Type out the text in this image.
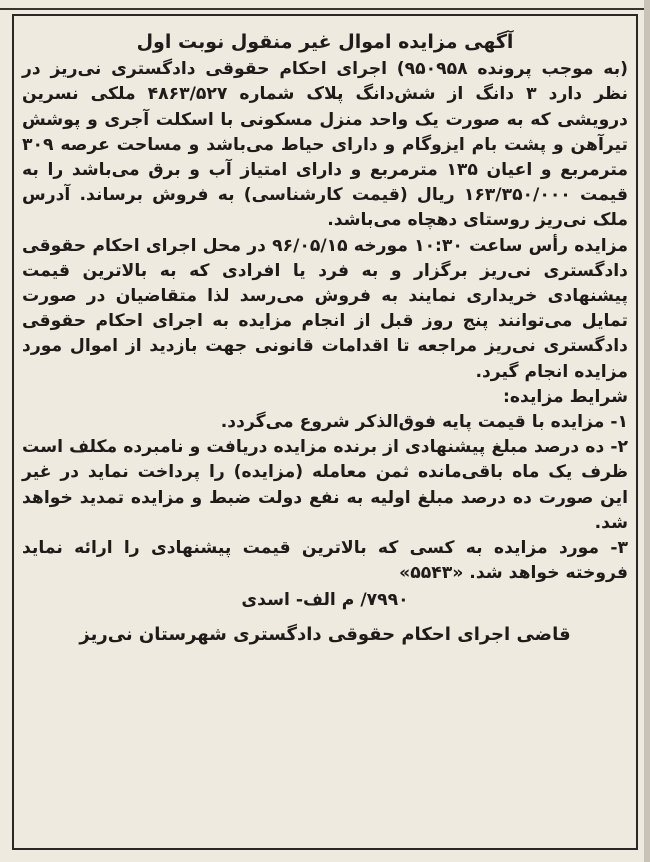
آگهی مزایده اموال غیر منقول نوبت اول

(به موجب پرونده ۹۵۰۹۵۸) اجرای احکام حقوقی دادگستری نی‌ریز در نظر دارد ۳ دانگ از شش‌دانگ پلاک شماره ۴۸۶۳/۵۲۷ ملکی نسرین درویشی که به صورت یک واحد منزل مسکونی با اسکلت آجری و پوشش تیرآهن و پشت بام ایزوگام و دارای حیاط می‌باشد و مساحت عرصه ۳۰۹ مترمربع و اعیان ۱۳۵ مترمربع و دارای امتیاز آب و برق می‌باشد را به قیمت ۱۶۳/۳۵۰/۰۰۰ ریال (قیمت کارشناسی) به فروش برساند. آدرس ملک نی‌ریز روستای دهچاه می‌باشد.

مزایده رأس ساعت ۱۰:۳۰ مورخه ۹۶/۰۵/۱۵ در محل اجرای احکام حقوقی دادگستری نی‌ریز برگزار و به فرد یا افرادی که به بالاترین قیمت پیشنهادی خریداری نمایند به فروش می‌رسد لذا متقاضیان در صورت تمایل می‌توانند پنج روز قبل از انجام مزایده به اجرای احکام حقوقی دادگستری نی‌ریز مراجعه تا اقدامات قانونی جهت بازدید از اموال مورد مزایده انجام گیرد.

شرایط مزایده:

۱- مزایده با قیمت پایه فوق‌الذکر شروع می‌گردد.

۲- ده درصد مبلغ پیشنهادی از برنده مزایده دریافت و نامبرده مکلف است ظرف یک ماه باقی‌مانده ثمن معامله (مزایده) را پرداخت نماید در غیر این صورت ده درصد مبلغ اولیه به نفع دولت ضبط و مزایده تمدید خواهد شد.

۳- مورد مزایده به کسی که بالاترین قیمت پیشنهادی را ارائه نماید فروخته خواهد شد. «۵۵۴۳»

۷۹۹۰/ م الف- اسدی
قاضی اجرای احکام حقوقی دادگستری شهرستان نی‌ریز
